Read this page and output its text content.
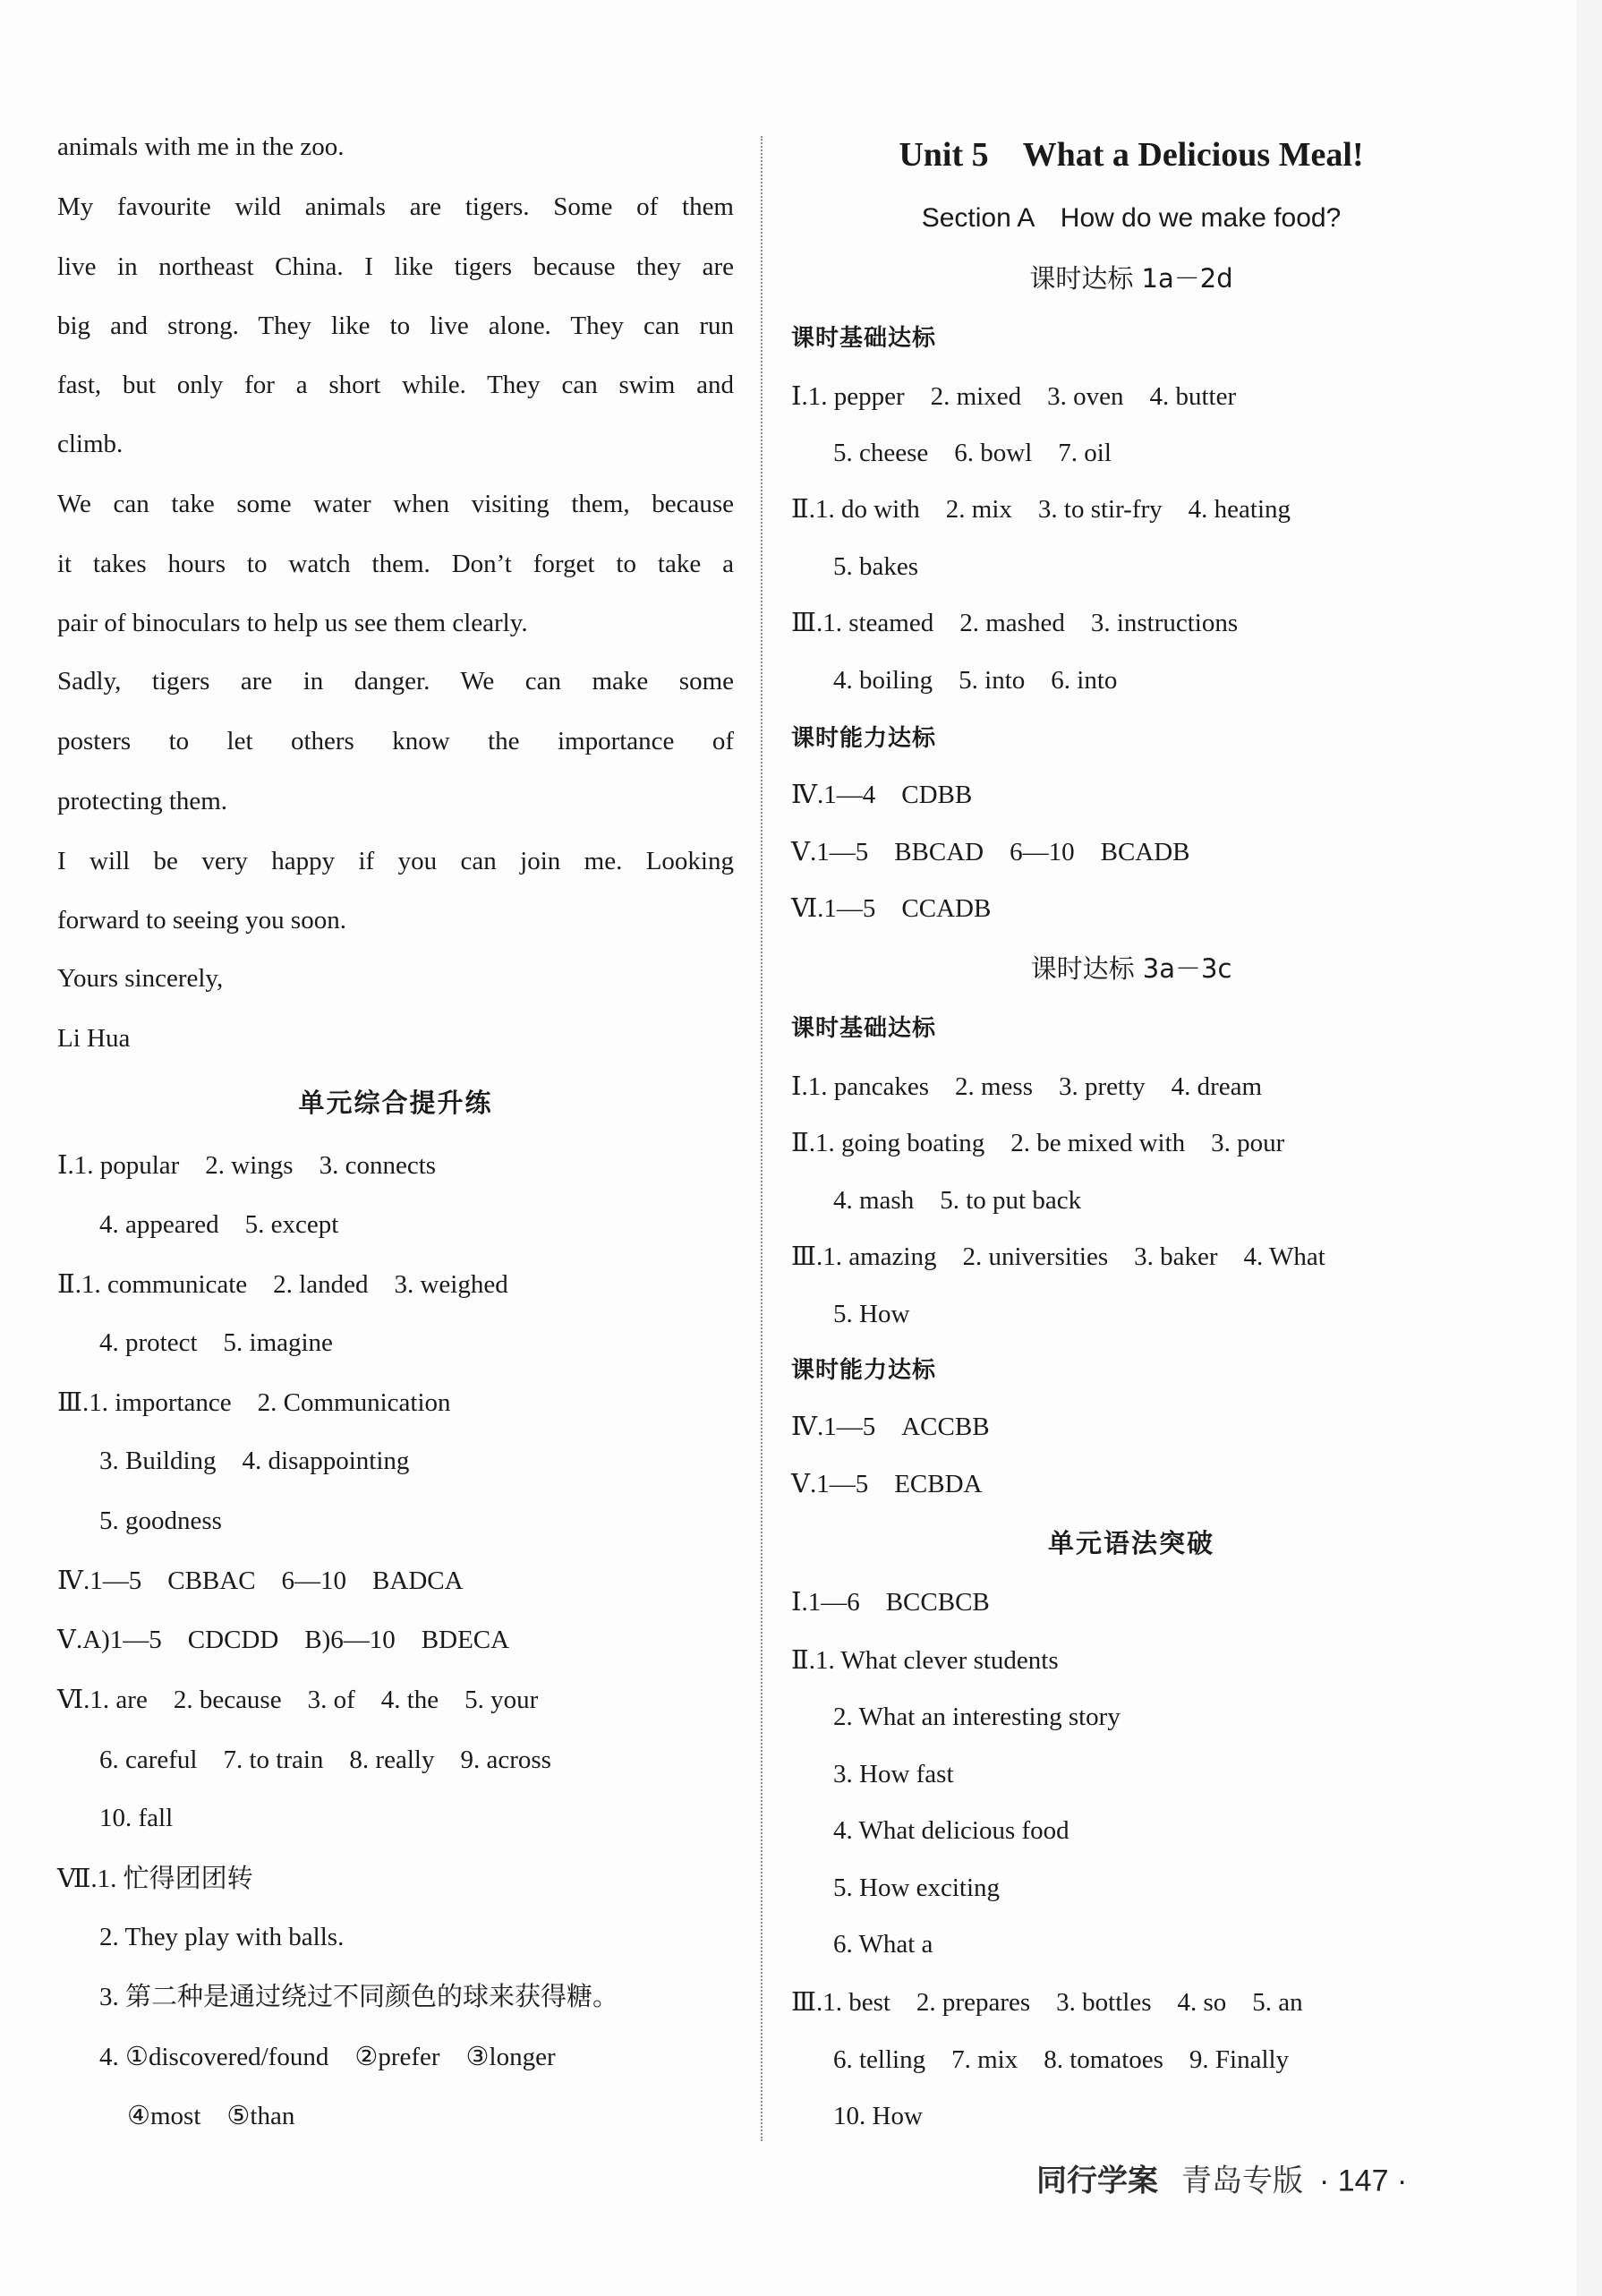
animals with me in the zoo.
My favourite wild animals are tigers. Some of them
live in northeast China. I like tigers because they are
big and strong. They like to live alone. They can run
fast, but only for a short while. They can swim and
climb.
We can take some water when visiting them, because
it takes hours to watch them. Don’t forget to take a
pair of binoculars to help us see them clearly.
Sadly, tigers are in danger. We can make some
posters to let others know the importance of
protecting them.
I will be very happy if you can join me. Looking
forward to seeing you soon.
Yours sincerely,
Li Hua
单元综合提升练
Ⅰ.1. popular　2. wings　3. connects
4. appeared　5. except
Ⅱ.1. communicate　2. landed　3. weighed
4. protect　5. imagine
Ⅲ.1. importance　2. Communication
3. Building　4. disappointing
5. goodness
Ⅳ.1—5　CBBAC　6—10　BADCA
Ⅴ.A)1—5　CDCDD　B)6—10　BDECA
Ⅵ.1. are　2. because　3. of　4. the　5. your
6. careful　7. to train　8. really　9. across
10. fall
Ⅶ.1. 忙得团团转
2. They play with balls.
3. 第二种是通过绕过不同颜色的球来获得糖。
4. ①discovered/found　②prefer　③longer
④most　⑤than
Unit 5　What a Delicious Meal!
Section A　How do we make food?
课时达标 1a－2d
课时基础达标
Ⅰ.1. pepper　2. mixed　3. oven　4. butter
5. cheese　6. bowl　7. oil
Ⅱ.1. do with　2. mix　3. to stir-fry　4. heating
5. bakes
Ⅲ.1. steamed　2. mashed　3. instructions
4. boiling　5. into　6. into
课时能力达标
Ⅳ.1—4　CDBB
Ⅴ.1—5　BBCAD　6—10　BCADB
Ⅵ.1—5　CCADB
课时达标 3a－3c
课时基础达标
Ⅰ.1. pancakes　2. mess　3. pretty　4. dream
Ⅱ.1. going boating　2. be mixed with　3. pour
4. mash　5. to put back
Ⅲ.1. amazing　2. universities　3. baker　4. What
5. How
课时能力达标
Ⅳ.1—5　ACCBB
Ⅴ.1—5　ECBDA
单元语法突破
Ⅰ.1—6　BCCBCB
Ⅱ.1. What clever students
2. What an interesting story
3. How fast
4. What delicious food
5. How exciting
6. What a
Ⅲ.1. best　2. prepares　3. bottles　4. so　5. an
6. telling　7. mix　8. tomatoes　9. Finally
10. How
同行学案 青岛专版 · 147 ·
